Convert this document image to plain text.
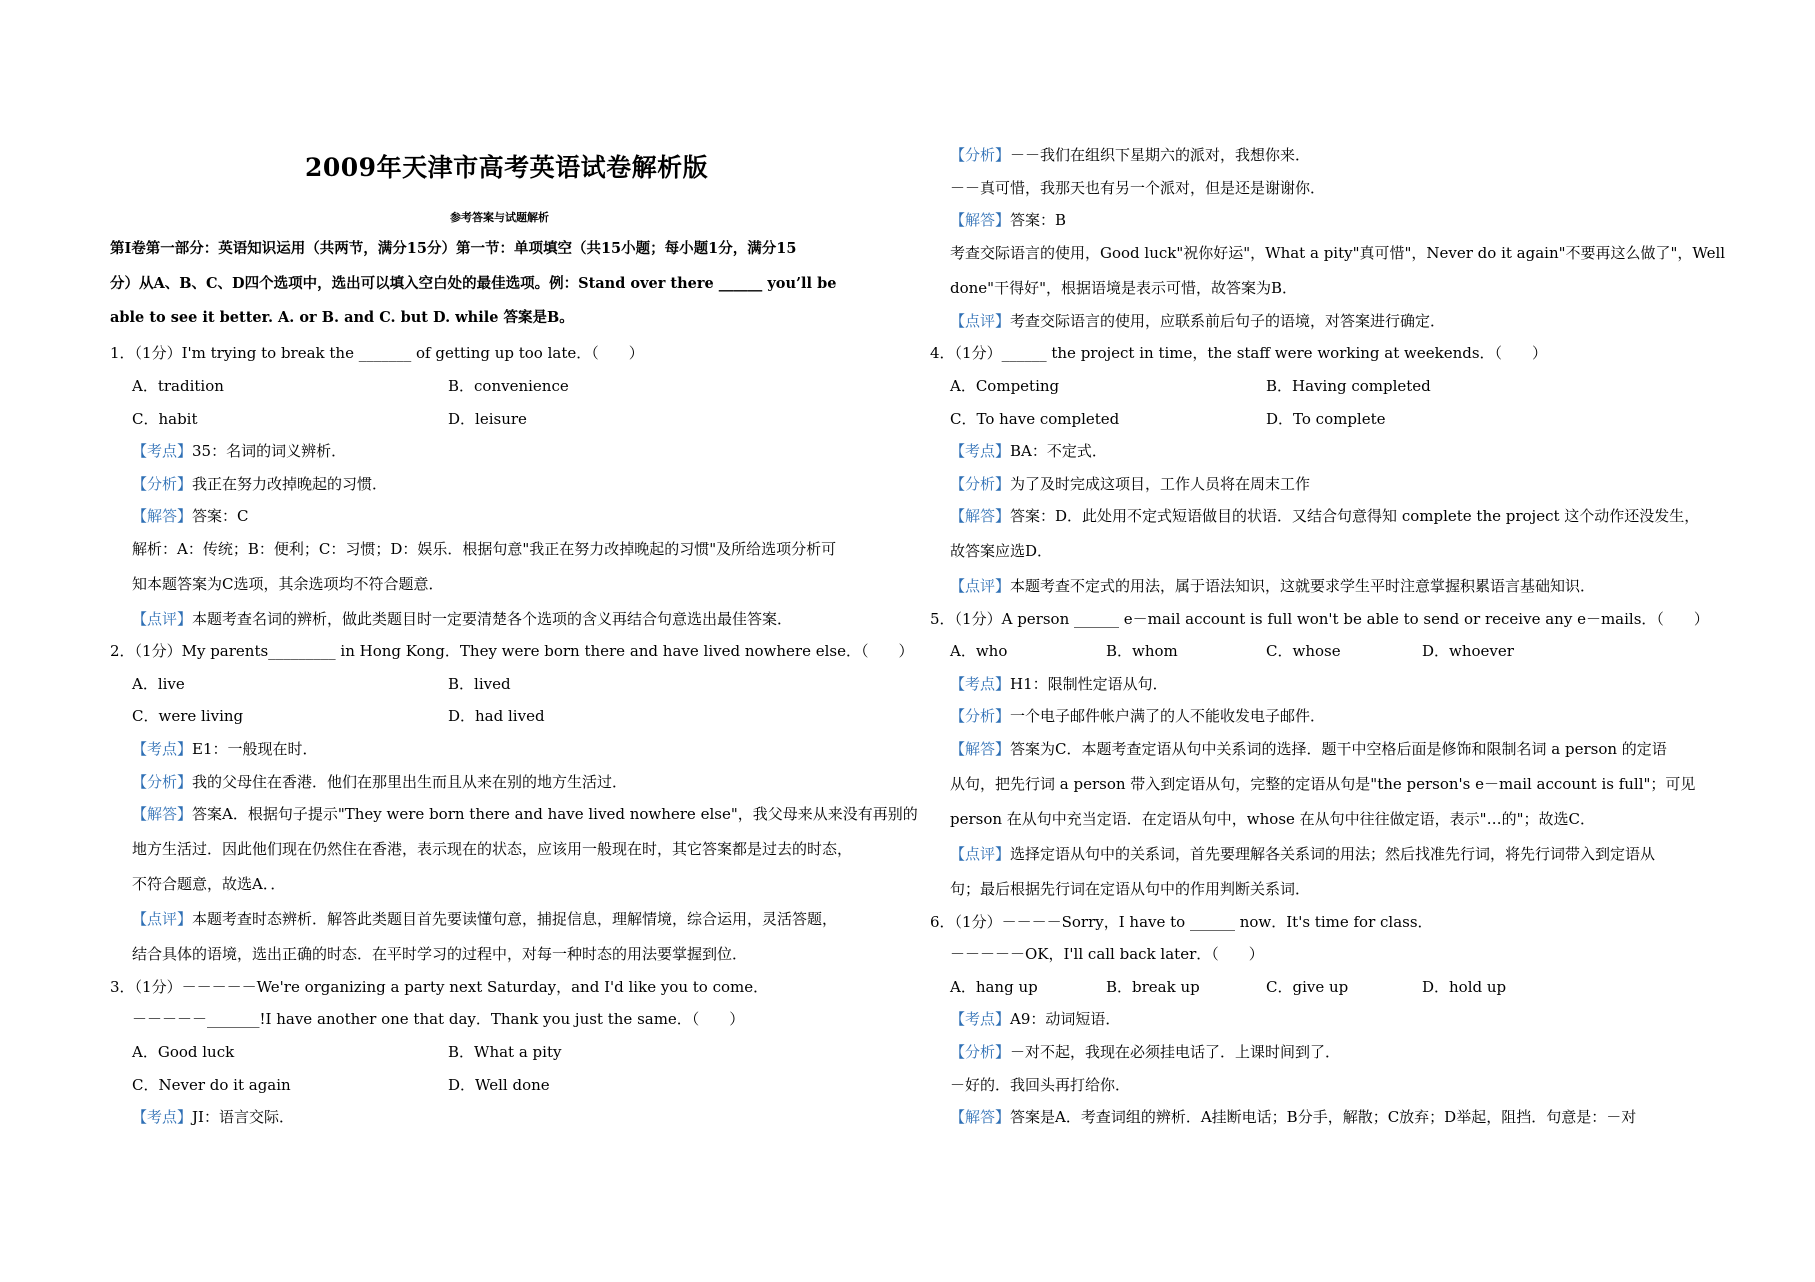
2009年天津市高考英语试卷解析版
参考答案与试题解析
第Ⅰ卷第一部分：英语知识运用（共两节，满分15分）第一节：单项填空（共15小题；每小题1分，满分15
分）从A、B、C、D四个选项中，选出可以填入空白处的最佳选项。例：Stand over there ______ you’ll be
able to see it better. A. or B. and C. but D. while 答案是B。
1．（1分）I'm trying to break the _______ of getting up too late．（　　）
A．tradition	B．convenience
C．habit	D．leisure
【考点】35：名词的词义辨析．
【分析】我正在努力改掉晚起的习惯．
【解答】答案：C
解析：A：传统；B：便利；C：习惯；D：娱乐．根据句意"我正在努力改掉晚起的习惯"及所给选项分析可
知本题答案为C选项，其余选项均不符合题意．
【点评】本题考查名词的辨析，做此类题目时一定要清楚各个选项的含义再结合句意选出最佳答案．
2．（1分）My parents_________ in Hong Kong．They were born there and have lived nowhere else．（　　）
A．live	B．lived
C．were living	D．had lived
【考点】E1：一般现在时．
【分析】我的父母住在香港．他们在那里出生而且从来在别的地方生活过．
【解答】答案A．根据句子提示"They were born there and have lived nowhere else"，我父母来从来没有再别的
地方生活过．因此他们现在仍然住在香港，表示现在的状态，应该用一般现在时，其它答案都是过去的时态，
不符合题意，故选A．．
【点评】本题考查时态辨析．解答此类题目首先要读懂句意，捕捉信息，理解情境，综合运用，灵活答题，
结合具体的语境，选出正确的时态．在平时学习的过程中，对每一种时态的用法要掌握到位．
3．（1分）－－－－－We're organizing a party next Saturday，and I'd like you to come．
－－－－－_______!I have another one that day．Thank you just the same．（　　）
A．Good luck	B．What a pity
C．Never do it again	D．Well done
【考点】JI：语言交际．
【分析】－－我们在组织下星期六的派对，我想你来．
－－真可惜，我那天也有另一个派对，但是还是谢谢你．
【解答】答案：B
考查交际语言的使用，Good luck"祝你好运"，What a pity"真可惜"，Never do it again"不要再这么做了"，Well
done"干得好"，根据语境是表示可惜，故答案为B．
【点评】考查交际语言的使用，应联系前后句子的语境，对答案进行确定．
4．（1分）______ the project in time，the staff were working at weekends．（　　）
A．Competing	B．Having completed
C．To have completed	D．To complete
【考点】BA：不定式．
【分析】为了及时完成这项目，工作人员将在周末工作
【解答】答案：D．此处用不定式短语做目的状语．又结合句意得知 complete the project 这个动作还没发生，
故答案应选D．
【点评】本题考查不定式的用法，属于语法知识，这就要求学生平时注意掌握积累语言基础知识．
5．（1分）A person ______ e－mail account is full won't be able to send or receive any e－mails．（　　）
A．who	B．whom	C．whose	D．whoever
【考点】H1：限制性定语从句．
【分析】一个电子邮件帐户满了的人不能收发电子邮件．
【解答】答案为C．本题考查定语从句中关系词的选择．题干中空格后面是修饰和限制名词 a person 的定语
从句，把先行词 a person 带入到定语从句，完整的定语从句是"the person's e－mail account is full"；可见
person 在从句中充当定语．在定语从句中，whose 在从句中往往做定语，表示"…的"；故选C．
【点评】选择定语从句中的关系词，首先要理解各关系词的用法；然后找准先行词，将先行词带入到定语从
句；最后根据先行词在定语从句中的作用判断关系词．
6．（1分）－－－－Sorry，I have to ______ now．It's time for class．
－－－－－OK，I'll call back later．（　　）
A．hang up	B．break up	C．give up	D．hold up
【考点】A9：动词短语．
【分析】－对不起，我现在必须挂电话了．上课时间到了．
－好的．我回头再打给你．
【解答】答案是A．考查词组的辨析．A挂断电话；B分手，解散；C放弃；D举起，阻挡．句意是：－对
